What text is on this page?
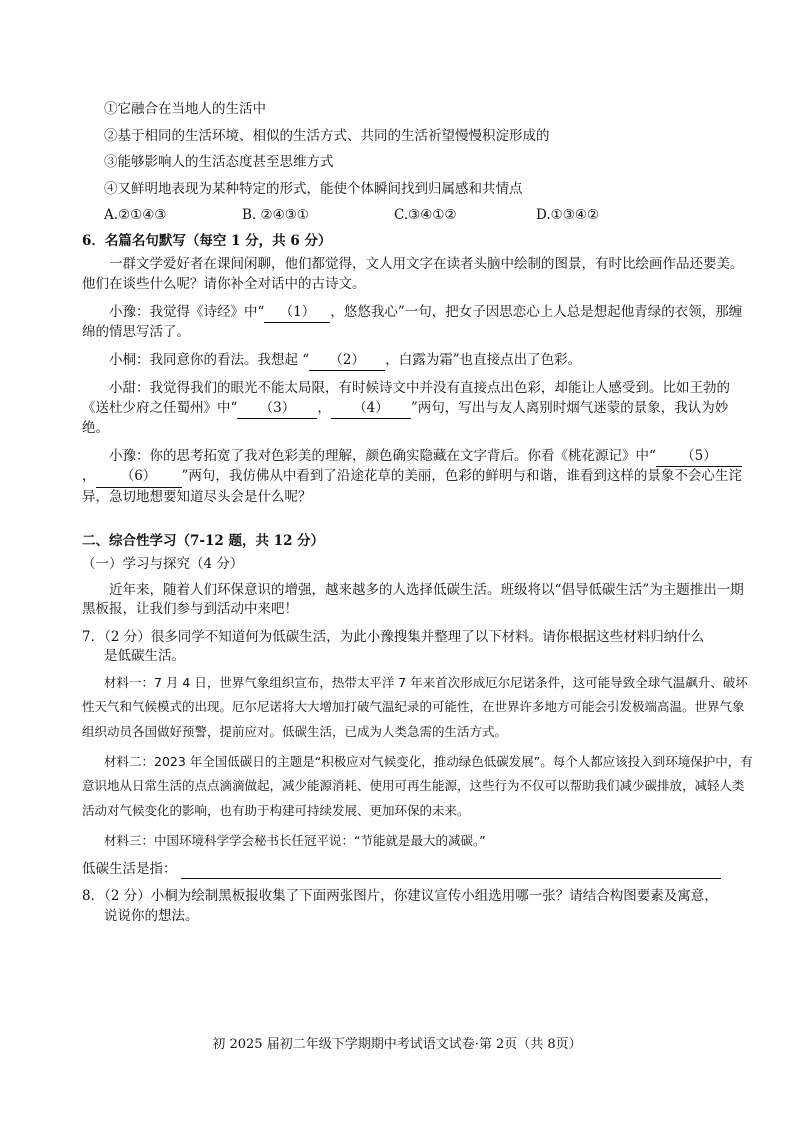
①它融合在当地人的生活中

②基于相同的生活环境、相似的生活方式、共同的生活祈望慢慢积淀形成的

③能够影响人的生活态度甚至思维方式

④又鲜明地表现为某种特定的形式，能使个体瞬间找到归属感和共情点

A.②①④③	B. ②④③①	C.③④①②	D.①③④②

6．名篇名句默写（每空 1 分，共 6 分）

一群文学爱好者在课间闲聊，他们都觉得，文人用文字在读者头脑中绘制的图景，有时比绘画作品还要美。他们在谈些什么呢？请你补全对话中的古诗文。

小豫：我觉得《诗经》中“ （1） ，悠悠我心”一句，把女子因思恋心上人总是想起他青绿的衣领，那缠绵的情思写活了。

小桐：我同意你的看法。我想起 “ （2） ，白露为霜”也直接点出了色彩。

小甜：我觉得我们的眼光不能太局限，有时候诗文中并没有直接点出色彩，却能让人感受到。比如王勃的《送杜少府之任蜀州》中“ （3） ， （4） ”两句，写出与友人离别时烟气迷蒙的景象，我认为妙绝。

小豫：你的思考拓宽了我对色彩美的理解，颜色确实隐藏在文字背后。你看《桃花源记》中“ （5）， （6） ”两句，我仿佛从中看到了沿途花草的美丽，色彩的鲜明与和谐，谁看到这样的景象不会心生诧异，急切地想要知道尽头会是什么呢？

二、综合性学习（7-12 题，共 12 分）

（一）学习与探究（4 分）

近年来，随着人们环保意识的增强，越来越多的人选择低碳生活。班级将以“倡导低碳生活”为主题推出一期黑板报，让我们参与到活动中来吧！

7．（2 分）很多同学不知道何为低碳生活，为此小豫搜集并整理了以下材料。请你根据这些材料归纳什么

是低碳生活。

材料一：7 月 4 日，世界气象组织宣布，热带太平洋 7 年来首次形成厄尔尼诺条件，这可能导致全球气温飙升、破坏性天气和气候模式的出现。厄尔尼诺将大大增加打破气温纪录的可能性，在世界许多地方可能会引发极端高温。世界气象组织动员各国做好预警，提前应对。低碳生活，已成为人类急需的生活方式。

材料二：2023 年全国低碳日的主题是“积极应对气候变化，推动绿色低碳发展”。每个人都应该投入到环境保护中，有意识地从日常生活的点点滴滴做起，减少能源消耗、使用可再生能源，这些行为不仅可以帮助我们减少碳排放，减轻人类活动对气候变化的影响，也有助于构建可持续发展、更加环保的未来。

材料三：中国环境科学学会秘书长任冠平说：“节能就是最大的减碳。”

低碳生活是指：

8．（2 分）小桐为绘制黑板报收集了下面两张图片，你建议宣传小组选用哪一张？请结合构图要素及寓意，

说说你的想法。

初 2025 届初二年级下学期期中考试语文试卷·第 2页（共 8页）
